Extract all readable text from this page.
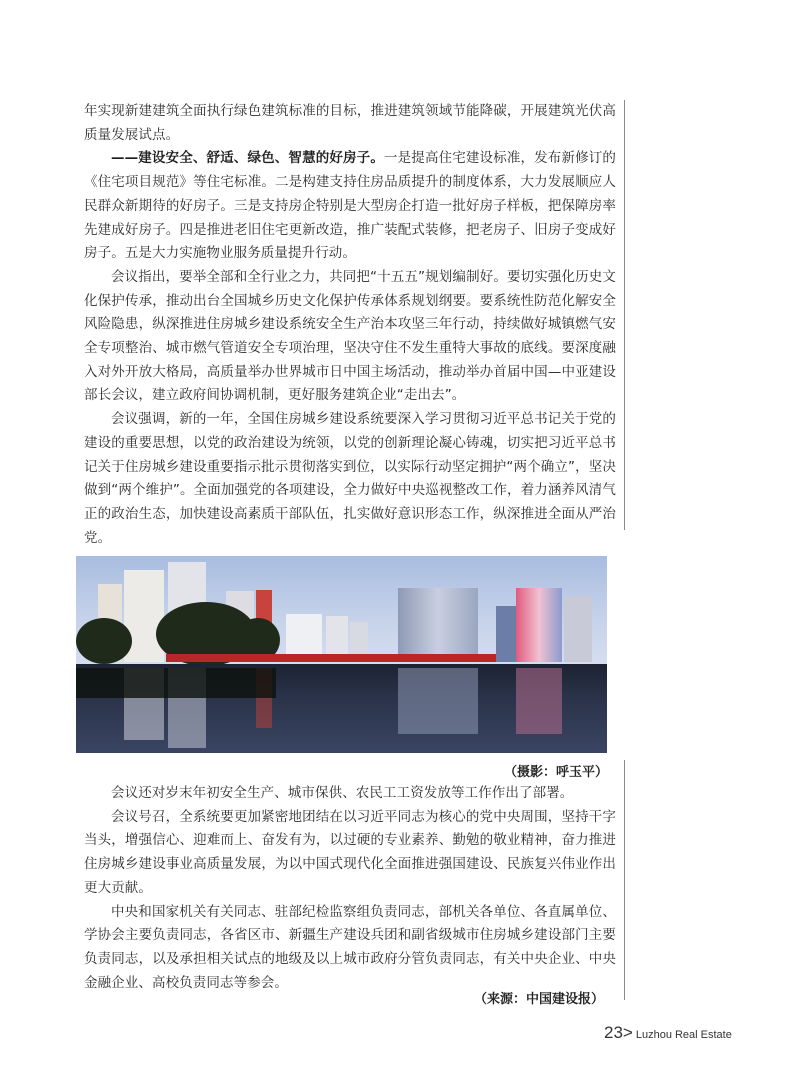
年实现新建建筑全面执行绿色建筑标准的目标，推进建筑领域节能降碳，开展建筑光伏高质量发展试点。

——建设安全、舒适、绿色、智慧的好房子。一是提高住宅建设标准，发布新修订的《住宅项目规范》等住宅标准。二是构建支持住房品质提升的制度体系，大力发展顺应人民群众新期待的好房子。三是支持房企特别是大型房企打造一批好房子样板，把保障房率先建成好房子。四是推进老旧住宅更新改造，推广装配式装修，把老房子、旧房子变成好房子。五是大力实施物业服务质量提升行动。

会议指出，要举全部和全行业之力，共同把“十五五”规划编制好。要切实强化历史文化保护传承，推动出台全国城乡历史文化保护传承体系规划纲要。要系统性防范化解安全风险隐患，纵深推进住房城乡建设系统安全生产治本攻坚三年行动，持续做好城镇燃气安全专项整治、城市燃气管道安全专项治理，坚决守住不发生重特大事故的底线。要深度融入对外开放大格局，高质量举办世界城市日中国主场活动，推动举办首届中国—中亚建设部长会议，建立政府间协调机制，更好服务建筑企业“走出去”。

会议强调，新的一年，全国住房城乡建设系统要深入学习贯彻习近平总书记关于党的建设的重要思想，以党的政治建设为统领，以党的创新理论凝心铸魂，切实把习近平总书记关于住房城乡建设重要指示批示贯彻落实到位，以实际行动坚定拥护“两个确立”，坚决做到“两个维护”。全面加强党的各项建设，全力做好中央巡视整改工作，着力涵养风清气正的政治生态，加快建设高素质干部队伍，扎实做好意识形态工作，纵深推进全面从严治党。

（摄影：呼玉平）

会议还对岁末年初安全生产、城市保供、农民工工资发放等工作作出了部署。

会议号召，全系统要更加紧密地团结在以习近平同志为核心的党中央周围，坚持干字当头，增强信心、迎难而上、奋发有为，以过硬的专业素养、勤勉的敬业精神，奋力推进住房城乡建设事业高质量发展，为以中国式现代化全面推进强国建设、民族复兴伟业作出更大贡献。

中央和国家机关有关同志、驻部纪检监察组负责同志，部机关各单位、各直属单位、学协会主要负责同志，各省区市、新疆生产建设兵团和副省级城市住房城乡建设部门主要负责同志，以及承担相关试点的地级及以上城市政府分管负责同志，有关中央企业、中央金融企业、高校负责同志等参会。

（来源：中国建设报）
23> Luzhou Real Estate
